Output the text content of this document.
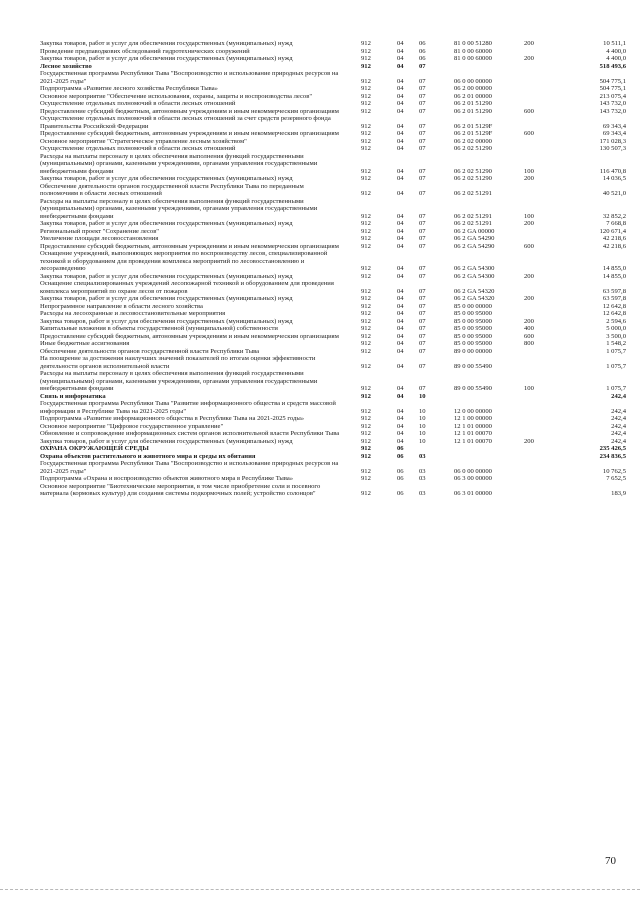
Закупка товаров, работ и услуг для обеспечения государственных (муниципальных) нужд	912	04 06	81 0 00 51280	200	10 511,1
Проведение предпаводкових обследований гидротехнических сооружений	912	04 06	81 0 00 60000	4 400,0
Закупка товаров, работ и услуг для обеспечения государственных (муниципальных) нужд	912	04 06	81 0 00 60000	200	4 400,0
Лесное хозяйство	912	04 07	518 493,6
Государственная программа Республики Тыва "Воспроизводство и использование природных ресурсов на 2021-2025 годы"	912	04 07	06 0 00 00000	504 775,1
Подпрограмма «Развитие лесного хозяйства Республики Тыва»	912	04 07	06 2 00 00000	504 775,1
Основное мероприятие "Обеспечение использования, охраны, защиты и воспроизводства лесов"	912	04 07	06 2 01 00000	213 075,4
Осуществление отдельных полномочий в области лесных отношений	912	04 07	06 2 01 51290	143 732,0
Предоставление субсидий бюджетным, автономным учреждениям и иным некоммерческим организациям	912	04 07	06 2 01 51290	600	143 732,0
Осуществление отдельных полномочий в области лесных отношений за счет средств резервного фонда Правительства Российской Федерации	912	04 07	06 2 01 5129F	69 343,4
Предоставление субсидий бюджетным, автономным учреждениям и иным некоммерческим организациям	912	04 07	06 2 01 5129F	600	69 343,4
Основное мероприятие "Стратегическое управление лесным хозяйством"	912	04 07	06 2 02 00000	171 028,3
Осуществление отдельных полномочий в области лесных отношений	912	04 07	06 2 02 51290	130 507,3
Расходы на выплаты персоналу в целях обеспечения выполнения функций государственными (муниципальными) органами, казенными учреждениями, органами управления государственными внебюджетными фондами	912	04 07	06 2 02 51290	100	116 470,8
Закупка товаров, работ и услуг для обеспечения государственных (муниципальных) нужд	912	04 07	06 2 02 51290	200	14 036,5
Обеспечение деятельности органов государственной власти Республики Тыва по переданным полномочиям в области лесных отношений	912	04 07	06 2 02 51291	40 521,0
Расходы на выплаты персоналу в целях обеспечения выполнения функций государственными (муниципальными) органами, казенными учреждениями, органами управления государственными внебюджетными фондами	912	04 07	06 2 02 51291	100	32 852,2
Закупка товаров, работ и услуг для обеспечения государственных (муниципальных) нужд	912	04 07	06 2 02 51291	200	7 668,8
Региональный проект "Сохранение лесов"	912	04 07	06 2 GA 00000	120 671,4
Увеличение площади лесовосстановления	912	04 07	06 2 GA 54290	42 218,6
Предоставление субсидий бюджетным, автономным учреждениям и иным некоммерческим организациям	912	04 07	06 2 GA 54290	600	42 218,6
Оснащение учреждений, выполняющих мероприятия по воспроизводству лесов, специализированной техникой и оборудованием для проведения комплекса мероприятий по лесовосстановлению и лесоразведению	912	04 07	06 2 GA 54300	14 855,0
Закупка товаров, работ и услуг для обеспечения государственных (муниципальных) нужд	912	04 07	06 2 GA 54300	200	14 855,0
Оснащение специализированных учреждений лесопожарной техникой и оборудованием для проведения комплекса мероприятий по охране лесов от пожаров	912	04 07	06 2 GA 54320	63 597,8
Закупка товаров, работ и услуг для обеспечения государственных (муниципальных) нужд	912	04 07	06 2 GA 54320	200	63 597,8
Непрограммное направление в области лесного хозяйства	912	04 07	85 0 00 00000	12 642,8
Расходы на лесоохранные и лесовосстановительные мероприятия	912	04 07	85 0 00 95000	12 642,8
Закупка товаров, работ и услуг для обеспечения государственных (муниципальных) нужд	912	04 07	85 0 00 95000	200	2 594,6
Капитальные вложения в объекты государственной (муниципальной) собственности	912	04 07	85 0 00 95000	400	5 000,0
Предоставление субсидий бюджетным, автономным учреждениям и иным некоммерческим организациям	912	04 07	85 0 00 95000	600	3 500,0
Иные бюджетные ассигнования	912	04 07	85 0 00 95000	800	1 548,2
Обеспечение деятельности органов государственной власти Республики Тыва	912	04 07	89 0 00 00000	1 075,7
На поощрение за достижения наилучших значений показателей по итогам оценки эффективности деятельности органов исполнительной власти	912	04 07	89 0 00 55490	1 075,7
Расходы на выплаты персоналу в целях обеспечения выполнения функций государственными (муниципальными) органами, казенными учреждениями, органами управления государственными внебюджетными фондами	912	04 07	89 0 00 55490	100	1 075,7
Связь и информатика	912	04 10	242,4
Государственная программа Республики Тыва "Развитие информационного общества и средств массовой информации в Республике Тыва на 2021-2025 годы"	912	04 10	12 0 00 00000	242,4
Подпрограмма «Развитие информационного общества в Республике Тыва на 2021-2025 годы»	912	04 10	12 1 00 00000	242,4
Основное мероприятие "Цифровое государственное управление"	912	04 10	12 1 01 00000	242,4
Обновление и сопровождение информационных систем органов исполнительной власти Республики Тыва	912	04 10	12 1 01 00070	242,4
Закупка товаров, работ и услуг для обеспечения государственных (муниципальных) нужд	912	04 10	12 1 01 00070	200	242,4
ОХРАНА ОКРУЖАЮЩЕЙ СРЕДЫ	912	06	235 426,5
Охрана объектов растительного и животного мира и среды их обитания	912	06 03	234 836,5
Государственная программа Республики Тыва "Воспроизводство и использование природных ресурсов на 2021-2025 годы"	912	06 03	06 0 00 00000	10 762,5
Подпрограмма «Охрана и воспроизводство объектов животного мира в Республике Тыва»	912	06 03	06 3 00 00000	7 652,5
Основное мероприятие "Биотехнические мероприятия, в том числе приобретение соли и посевного материала (кормовых культур) для создания системы подкормочных полей; устройство солонцов"	912	06 03	06 3 01 00000	183,9
70
